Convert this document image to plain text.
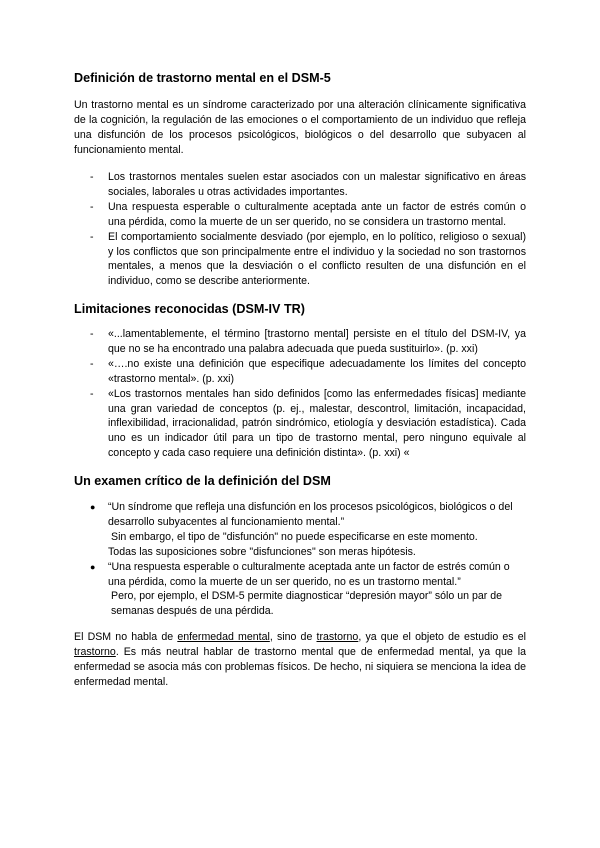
Definición de trastorno mental en el DSM-5

Un trastorno mental es un síndrome caracterizado por una alteración clínicamente significativa de la cognición, la regulación de las emociones o el comportamiento de un individuo que refleja una disfunción de los procesos psicológicos, biológicos o del desarrollo que subyacen al funcionamiento mental.

- Los trastornos mentales suelen estar asociados con un malestar significativo en áreas sociales, laborales u otras actividades importantes.
- Una respuesta esperable o culturalmente aceptada ante un factor de estrés común o una pérdida, como la muerte de un ser querido, no se considera un trastorno mental.
- El comportamiento socialmente desviado (por ejemplo, en lo político, religioso o sexual) y los conflictos que son principalmente entre el individuo y la sociedad no son trastornos mentales, a menos que la desviación o el conflicto resulten de una disfunción en el individuo, como se describe anteriormente.
Limitaciones reconocidas (DSM-IV TR)
- «...lamentablemente, el término [trastorno mental] persiste en el título del DSM-IV, ya que no se ha encontrado una palabra adecuada que pueda sustituirlo». (p. xxi)
- «….no existe una definición que especifique adecuadamente los límites del concepto «trastorno mental». (p. xxi)
- «Los trastornos mentales han sido definidos [como las enfermedades físicas] mediante una gran variedad de conceptos (p. ej., malestar, descontrol, limitación, incapacidad, inflexibilidad, irracionalidad, patrón sindrómico, etiología y desviación estadística). Cada uno es un indicador útil para un tipo de trastorno mental, pero ninguno equivale al concepto y cada caso requiere una definición distinta». (p. xxi) «
Un examen crítico de la definición del DSM
● “Un síndrome que refleja una disfunción en los procesos psicológicos, biológicos o del desarrollo subyacentes al funcionamiento mental.”
Sin embargo, el tipo de "disfunción" no puede especificarse en este momento.
Todas las suposiciones sobre "disfunciones" son meras hipótesis.
● “Una respuesta esperable o culturalmente aceptada ante un factor de estrés común o una pérdida, como la muerte de un ser querido, no es un trastorno mental.”
Pero, por ejemplo, el DSM-5 permite diagnosticar “depresión mayor” sólo un par de semanas después de una pérdida.

El DSM no habla de enfermedad mental, sino de trastorno, ya que el objeto de estudio es el trastorno. Es más neutral hablar de trastorno mental que de enfermedad mental, ya que la enfermedad se asocia más con problemas físicos. De hecho, ni siquiera se menciona la idea de enfermedad mental.
